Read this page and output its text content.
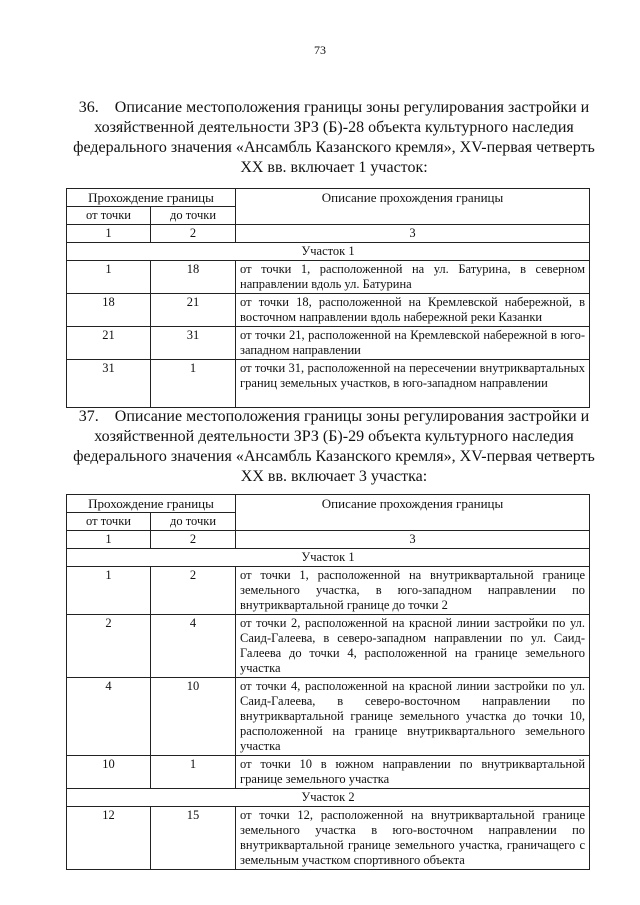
73
36. Описание местоположения границы зоны регулирования застройки и хозяйственной деятельности ЗРЗ (Б)-28 объекта культурного наследия федерального значения «Ансамбль Казанского кремля», XV-первая четверть XX вв. включает 1 участок:
Прохождение границы		Описание прохождения границы
от точки	до точки	
1	2	3
Участок 1		
1	18	от точки 1, расположенной на ул. Батурина, в северном направлении вдоль ул. Батурина
18	21	от точки 18, расположенной на Кремлевской набережной, в восточном направлении вдоль набережной реки Казанки
21	31	от точки 21, расположенной на Кремлевской набережной в юго-западном направлении
31	1	от точки 31, расположенной на пересечении внутриквартальных границ земельных участков, в юго-западном направлении
37. Описание местоположения границы зоны регулирования застройки и хозяйственной деятельности ЗРЗ (Б)-29 объекта культурного наследия федерального значения «Ансамбль Казанского кремля», XV-первая четверть XX вв. включает 3 участка:
Прохождение границы		Описание прохождения границы
от точки	до точки	
1	2	3
Участок 1		
1	2	от точки 1, расположенной на внутриквартальной границе земельного участка, в юго-западном направлении по внутриквартальной границе до точки 2
2	4	от точки 2, расположенной на красной линии застройки по ул. Саид-Галеева, в северо-западном направлении по ул. Саид-Галеева до точки 4, расположенной на границе земельного участка
4	10	от точки 4, расположенной на красной линии застройки по ул. Саид-Галеева, в северо-восточном направлении по внутриквартальной границе земельного участка до точки 10, расположенной на границе внутриквартального земельного участка
10	1	от точки 10 в южном направлении по внутриквартальной границе земельного участка
Участок 2		
12	15	от точки 12, расположенной на внутриквартальной границе земельного участка в юго-восточном направлении по внутриквартальной границе земельного участка, граничащего с земельным участком спортивного объекта
